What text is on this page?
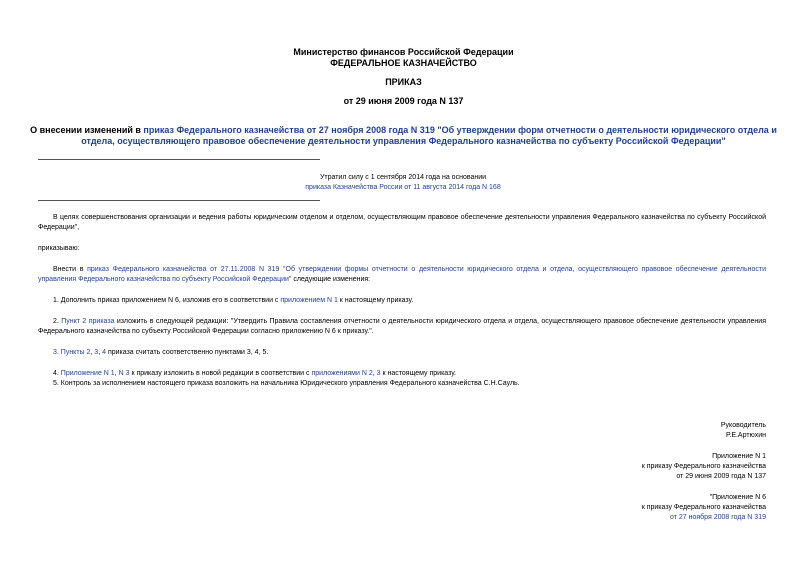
Министерство финансов Российской Федерации
ФЕДЕРАЛЬНОЕ КАЗНАЧЕЙСТВО
ПРИКАЗ
от 29 июня 2009 года N 137
О внесении изменений в приказ Федерального казначейства от 27 ноября 2008 года N 319 "Об утверждении форм отчетности о деятельности юридического отдела и отдела, осуществляющего правовое обеспечение деятельности управления Федерального казначейства по субъекту Российской Федерации"
Утратил силу с 1 сентября 2014 года на основании
приказа Казначейства России от 11 августа 2014 года N 168
В целях совершенствования организации и ведения работы юридическим отделом и отделом, осуществляющим правовое обеспечение деятельности управления Федерального казначейства по субъекту Российской Федерации",
приказываю:
Внести в приказ Федерального казначейства от 27.11.2008 N 319 "Об утверждении формы отчетности о деятельности юридического отдела и отдела, осуществляющего правовое обеспечение деятельности управления Федерального казначейства по субъекту Российской Федерации" следующие изменения:
1. Дополнить приказ приложением N 6, изложив его в соответствии с приложением N 1 к настоящему приказу.
2. Пункт 2 приказа изложить в следующей редакции: "Утвердить Правила составления отчетности о деятельности юридического отдела и отдела, осуществляющего правовое обеспечение деятельности управления Федерального казначейства по субъекту Российской Федерации согласно приложению N 6 к приказу.".
3. Пункты 2, 3, 4 приказа считать соответственно пунктами 3, 4, 5.
4. Приложение N 1, N 3 к приказу изложить в новой редакции в соответствии с приложениями N 2, 3 к настоящему приказу.
5. Контроль за исполнением настоящего приказа возложить на начальника Юридического управления Федерального казначейства С.Н.Сауль.
Руководитель
Р.Е.Артюхин
Приложение N 1
к приказу Федерального казначейства
от 29 июня 2009 года N 137
"Приложение N 6
к приказу Федерального казначейства
от 27 ноября 2008 года N 319
